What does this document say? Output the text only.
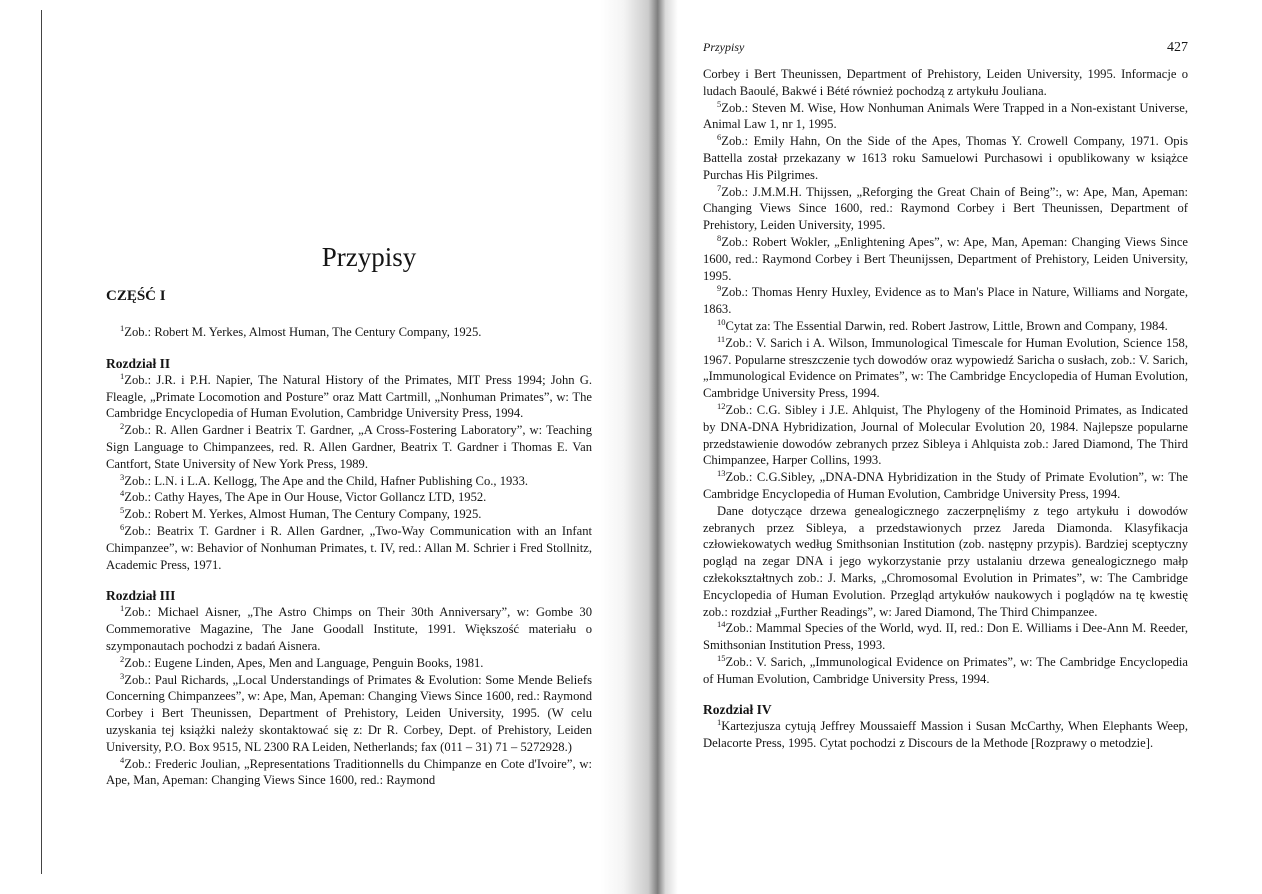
Przypisy
CZĘŚĆ I

$^1$Zob.: Robert M. Yerkes, Almost Human, The Century Company, 1925.

Rozdział II

$^1$Zob.: J.R. i P.H. Napier, The Natural History of the Primates, MIT Press 1994; John G. Fleagle, „Primate Locomotion and Posture” oraz Matt Cartmill, „Nonhuman Primates”, w: The Cambridge Encyclopedia of Human Evolution, Cambridge University Press, 1994.

$^2$Zob.: R. Allen Gardner i Beatrix T. Gardner, „A Cross-Fostering Laboratory”, w: Teaching Sign Language to Chimpanzees, red. R. Allen Gardner, Beatrix T. Gardner i Thomas E. Van Cantfort, State University of New York Press, 1989.

$^3$Zob.: L.N. i L.A. Kellogg, The Ape and the Child, Hafner Publishing Co., 1933.

$^4$Zob.: Cathy Hayes, The Ape in Our House, Victor Gollancz LTD, 1952.

$^5$Zob.: Robert M. Yerkes, Almost Human, The Century Company, 1925.

$^6$Zob.: Beatrix T. Gardner i R. Allen Gardner, „Two-Way Communication with an Infant Chimpanzee”, w: Behavior of Nonhuman Primates, t. IV, red.: Allan M. Schrier i Fred Stollnitz, Academic Press, 1971.

Rozdział III

$^1$Zob.: Michael Aisner, „The Astro Chimps on Their 30th Anniversary”, w: Gombe 30 Commemorative Magazine, The Jane Goodall Institute, 1991. Większość materiału o szymponautach pochodzi z badań Aisnera.

$^2$Zob.: Eugene Linden, Apes, Men and Language, Penguin Books, 1981.

$^3$Zob.: Paul Richards, „Local Understandings of Primates & Evolution: Some Mende Beliefs Concerning Chimpanzees”, w: Ape, Man, Apeman: Changing Views Since 1600, red.: Raymond Corbey i Bert Theunissen, Department of Prehistory, Leiden University, 1995. (W celu uzyskania tej książki należy skontaktować się z: Dr R. Corbey, Dept. of Prehistory, Leiden University, P.O. Box 9515, NL 2300 RA Leiden, Netherlands; fax (011 – 31) 71 – 5272928.)

$^4$Zob.: Frederic Joulian, „Representations Traditionnells du Chimpanze en Cote d'Ivoire”, w: Ape, Man, Apeman: Changing Views Since 1600, red.: Raymond

Przypisy	427

Corbey i Bert Theunissen, Department of Prehistory, Leiden University, 1995. Informacje o ludach Baoulé, Bakwé i Bété również pochodzą z artykułu Jouliana.

$^5$Zob.: Steven M. Wise, How Nonhuman Animals Were Trapped in a Non-existant Universe, Animal Law 1, nr 1, 1995.

$^6$Zob.: Emily Hahn, On the Side of the Apes, Thomas Y. Crowell Company, 1971. Opis Battella został przekazany w 1613 roku Samuelowi Purchasowi i opublikowany w książce Purchas His Pilgrimes.

$^7$Zob.: J.M.M.H. Thijssen, „Reforging the Great Chain of Being”:, w: Ape, Man, Apeman: Changing Views Since 1600, red.: Raymond Corbey i Bert Theunissen, Department of Prehistory, Leiden University, 1995.

$^8$Zob.: Robert Wokler, „Enlightening Apes”, w: Ape, Man, Apeman: Changing Views Since 1600, red.: Raymond Corbey i Bert Theunijssen, Department of Prehistory, Leiden University, 1995.

$^9$Zob.: Thomas Henry Huxley, Evidence as to Man's Place in Nature, Williams and Norgate, 1863.

$^{10}$Cytat za: The Essential Darwin, red. Robert Jastrow, Little, Brown and Company, 1984.

$^{11}$Zob.: V. Sarich i A. Wilson, Immunological Timescale for Human Evolution, Science 158, 1967. Popularne streszczenie tych dowodów oraz wypowiedź Saricha o susłach, zob.: V. Sarich, „Immunological Evidence on Primates”, w: The Cambridge Encyclopedia of Human Evolution, Cambridge University Press, 1994.

$^{12}$Zob.: C.G. Sibley i J.E. Ahlquist, The Phylogeny of the Hominoid Primates, as Indicated by DNA-DNA Hybridization, Journal of Molecular Evolution 20, 1984. Najlepsze popularne przedstawienie dowodów zebranych przez Sibleya i Ahlquista zob.: Jared Diamond, The Third Chimpanzee, Harper Collins, 1993.

$^{13}$Zob.: C.G.Sibley, „DNA-DNA Hybridization in the Study of Primate Evolution”, w: The Cambridge Encyclopedia of Human Evolution, Cambridge University Press, 1994.

Dane dotyczące drzewa genealogicznego zaczerpnęliśmy z tego artykułu i dowodów zebranych przez Sibleya, a przedstawionych przez Jareda Diamonda. Klasyfikacja człowiekowatych według Smithsonian Institution (zob. następny przypis). Bardziej sceptyczny pogląd na zegar DNA i jego wykorzystanie przy ustalaniu drzewa genealogicznego małp człekokształtnych zob.: J. Marks, „Chromosomal Evolution in Primates”, w: The Cambridge Encyclopedia of Human Evolution. Przegląd artykułów naukowych i poglądów na tę kwestię zob.: rozdział „Further Readings”, w: Jared Diamond, The Third Chimpanzee.

$^{14}$Zob.: Mammal Species of the World, wyd. II, red.: Don E. Williams i Dee-Ann M. Reeder, Smithsonian Institution Press, 1993.

$^{15}$Zob.: V. Sarich, „Immunological Evidence on Primates”, w: The Cambridge Encyclopedia of Human Evolution, Cambridge University Press, 1994.

Rozdział IV

$^1$Kartezjusza cytują Jeffrey Moussaieff Massion i Susan McCarthy, When Elephants Weep, Delacorte Press, 1995. Cytat pochodzi z Discours de la Methode [Rozprawy o metodzie].
